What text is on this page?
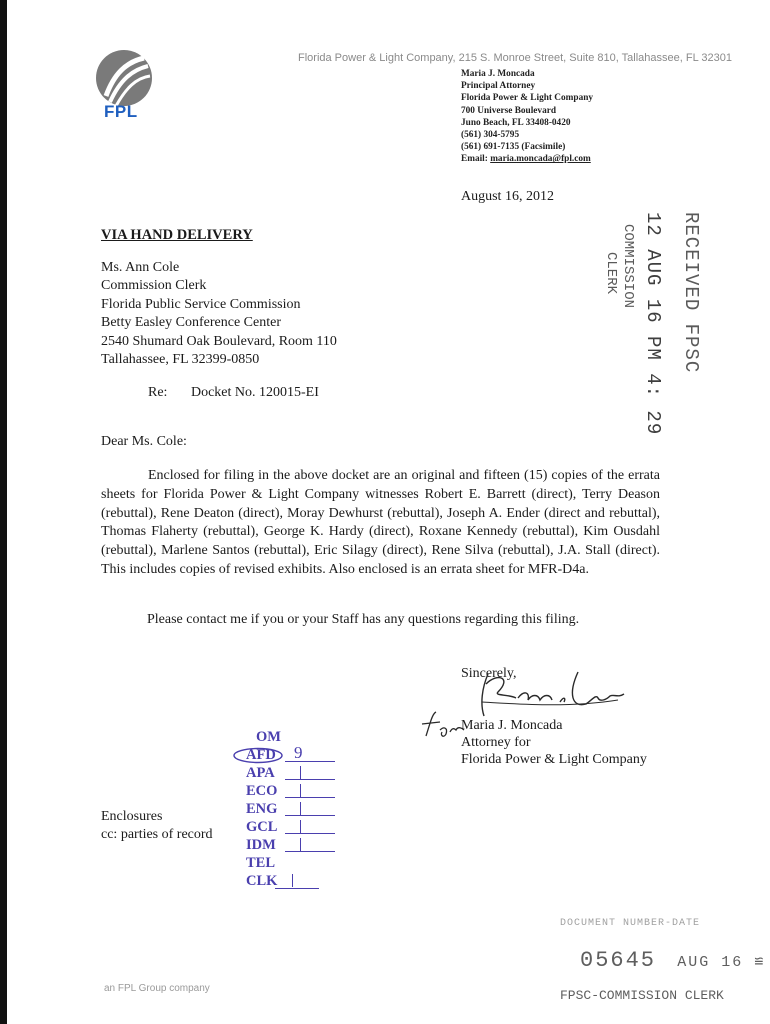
FPL
Florida Power & Light Company, 215 S. Monroe Street, Suite 810, Tallahassee, FL 32301
Maria J. Moncada
Principal Attorney
Florida Power & Light Company
700 Universe Boulevard
Juno Beach, FL 33408-0420
(561) 304-5795
(561) 691-7135 (Facsimile)
Email: maria.moncada@fpl.com
August 16, 2012
RECEIVED FPSC
12 AUG 16 PM 4: 29
COMMISSION
CLERK
VIA HAND DELIVERY
Ms. Ann Cole
Commission Clerk
Florida Public Service Commission
Betty Easley Conference Center
2540 Shumard Oak Boulevard, Room 110
Tallahassee, FL 32399-0850
Re: Docket No. 120015-EI
Dear Ms. Cole:
Enclosed for filing in the above docket are an original and fifteen (15) copies of the errata sheets for Florida Power & Light Company witnesses Robert E. Barrett (direct), Terry Deason (rebuttal), Rene Deaton (direct), Moray Dewhurst (rebuttal), Joseph A. Ender (direct and rebuttal), Thomas Flaherty (rebuttal), George K. Hardy (direct), Roxane Kennedy (rebuttal), Kim Ousdahl (rebuttal), Marlene Santos (rebuttal), Eric Silagy (direct), Rene Silva (rebuttal), J.A. Stall (direct). This includes copies of revised exhibits. Also enclosed is an errata sheet for MFR-D4a.
Please contact me if you or your Staff has any questions regarding this filing.
Sincerely,
Maria J. Moncada
Attorney for
Florida Power & Light Company
OM
AFD 9
APA
ECO
ENG
GCL
IDM
TEL
CLK
Enclosures
cc: parties of record
an FPL Group company
DOCUMENT NUMBER-DATE
05645 AUG 16 ≌
FPSC-COMMISSION CLERK
